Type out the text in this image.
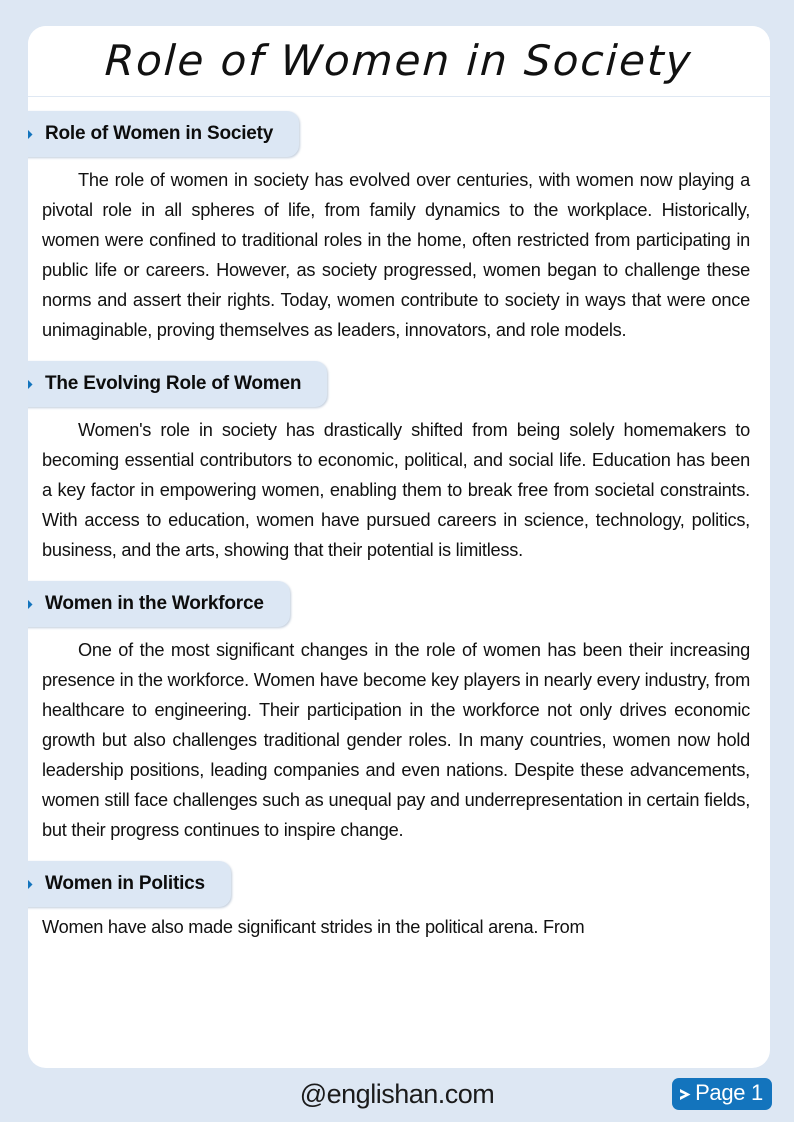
Role of Women in Society
Role of Women in Society

The role of women in society has evolved over centuries, with women now playing a pivotal role in all spheres of life, from family dynamics to the workplace. Historically, women were confined to traditional roles in the home, often restricted from participating in public life or careers. However, as society progressed, women began to challenge these norms and assert their rights. Today, women contribute to society in ways that were once unimaginable, proving themselves as leaders, innovators, and role models.

The Evolving Role of Women

Women's role in society has drastically shifted from being solely homemakers to becoming essential contributors to economic, political, and social life. Education has been a key factor in empowering women, enabling them to break free from societal constraints. With access to education, women have pursued careers in science, technology, politics, business, and the arts, showing that their potential is limitless.

Women in the Workforce

One of the most significant changes in the role of women has been their increasing presence in the workforce. Women have become key players in nearly every industry, from healthcare to engineering. Their participation in the workforce not only drives economic growth but also challenges traditional gender roles. In many countries, women now hold leadership positions, leading companies and even nations. Despite these advancements, women still face challenges such as unequal pay and underrepresentation in certain fields, but their progress continues to inspire change.

Women in Politics

Women have also made significant strides in the political arena. From

@englishan.com	Page 1
